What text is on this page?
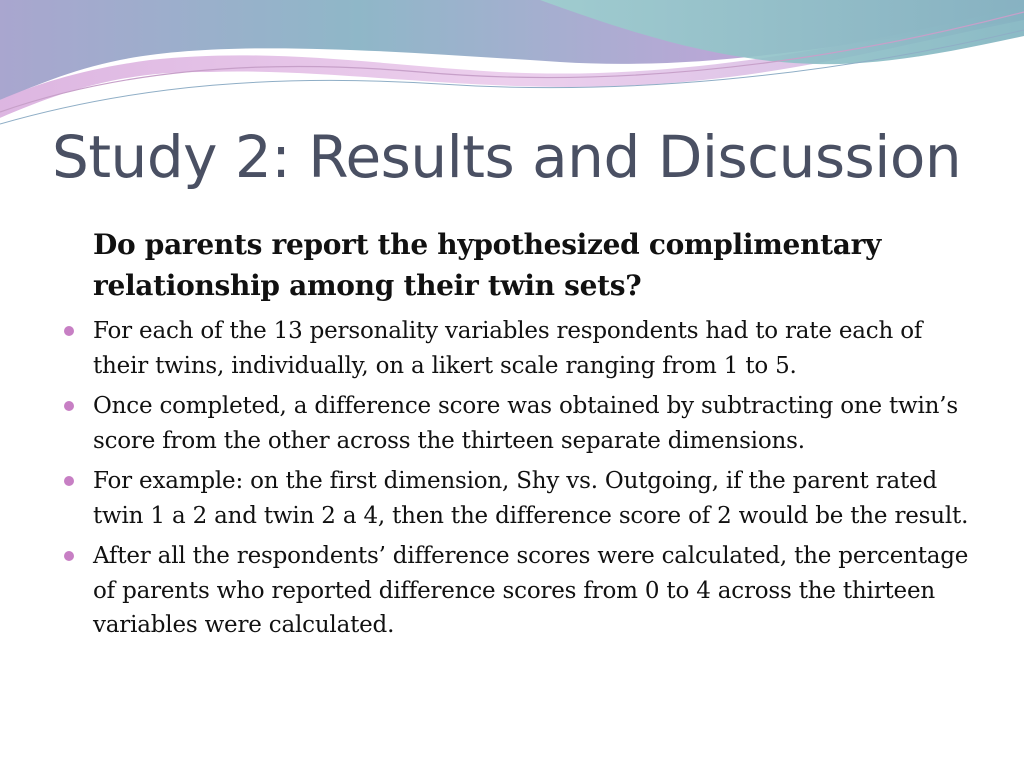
Study 2: Results and Discussion

Do parents report the hypothesized complimentary relationship among their twin sets?

For each of the 13 personality variables respondents had to rate each of their twins, individually, on a likert scale ranging from 1 to 5.
Once completed, a difference score was obtained by subtracting one twin’s score from the other across the thirteen separate dimensions.
For example: on the first dimension, Shy vs. Outgoing, if the parent rated twin 1 a 2 and twin 2 a 4, then the difference score of 2 would be the result.
After all the respondents’ difference scores were calculated, the percentage of parents who reported difference scores from 0 to 4 across the thirteen variables were calculated.
